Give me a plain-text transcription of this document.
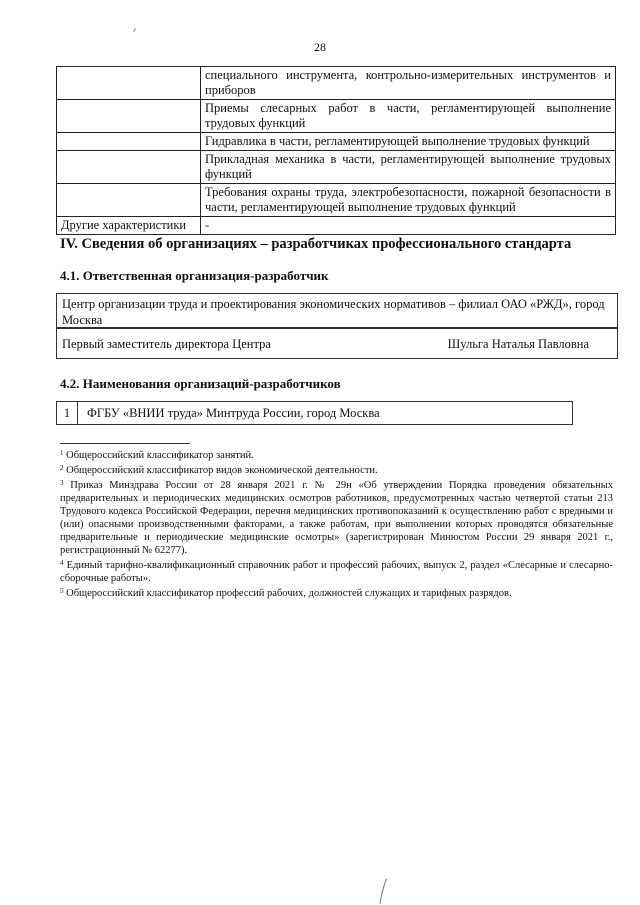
28
	специального инструмента, контрольно-измерительных инструментов и приборов
	Приемы слесарных работ в части, регламентирующей выполнение трудовых функций
	Гидравлика в части, регламентирующей выполнение трудовых функций
	Прикладная механика в части, регламентирующей выполнение трудовых функций
	Требования охраны труда, электробезопасности, пожарной безопасности в части, регламентирующей выполнение трудовых функций
Другие характеристики	-
IV. Сведения об организациях – разработчиках профессионального стандарта
4.1. Ответственная организация-разработчик
Центр организации труда и проектирования экономических нормативов – филиал ОАО «РЖД», город Москва
Первый заместитель директора Центра	Шульга Наталья Павловна
4.2. Наименования организаций-разработчиков
1	ФГБУ «ВНИИ труда» Минтруда России, город Москва
$^1$ Общероссийский классификатор занятий.
$^2$ Общероссийский классификатор видов экономической деятельности.
$^3$ Приказ Минздрава России от 28 января 2021 г. № 29н «Об утверждении Порядка проведения обязательных предварительных и периодических медицинских осмотров работников, предусмотренных частью четвертой статьи 213 Трудового кодекса Российской Федерации, перечня медицинских противопоказаний к осуществлению работ с вредными и (или) опасными производственными факторами, а также работам, при выполнении которых проводятся обязательные предварительные и периодические медицинские осмотры» (зарегистрирован Минюстом России 29 января 2021 г., регистрационный № 62277).
$^4$ Единый тарифно-квалификационный справочник работ и профессий рабочих, выпуск 2, раздел «Слесарные и слесарно-сборочные работы».
$^5$ Общероссийский классификатор профессий рабочих, должностей служащих и тарифных разрядов.
